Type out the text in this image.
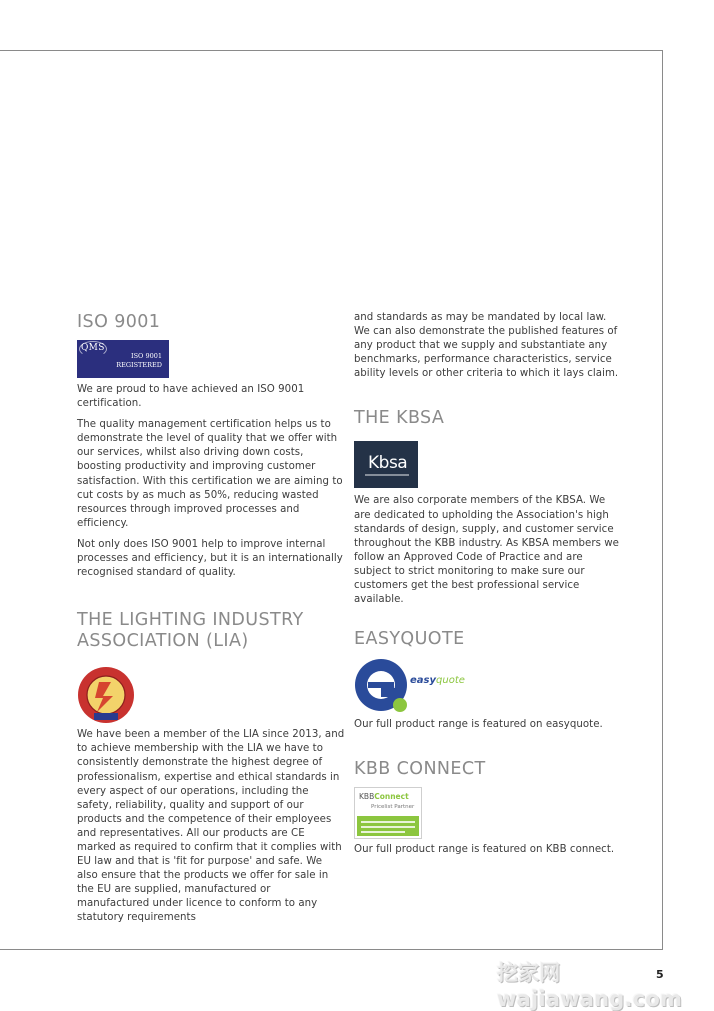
ISO 9001
QMS
ISO 9001
REGISTERED

We are proud to have achieved an ISO 9001 certification.

The quality management certification helps us to demonstrate the level of quality that we offer with our services, whilst also driving down costs, boosting productivity and improving customer satisfaction. With this certification we are aiming to cut costs by as much as 50%, reducing wasted resources through improved processes and efficiency.

Not only does ISO 9001 help to improve internal processes and efficiency, but it is an internationally recognised standard of quality.

THE LIGHTING INDUSTRY
ASSOCIATION (LIA)

We have been a member of the LIA since 2013, and to achieve membership with the LIA we have to consistently demonstrate the highest degree of professionalism, expertise and ethical standards in every aspect of our operations, including the safety, reliability, quality and support of our products and the competence of their employees and representatives. All our products are CE marked as required to confirm that it complies with EU law and that is 'fit for purpose' and safe. We also ensure that the products we offer for sale in the EU are supplied, manufactured or manufactured under licence to conform to any statutory requirements

and standards as may be mandated by local law. We can also demonstrate the published features of any product that we supply and substantiate any benchmarks, performance characteristics, service ability levels or other criteria to which it lays claim.

THE KBSA
Kbsa

We are also corporate members of the KBSA. We are dedicated to upholding the Association's high standards of design, supply, and customer service throughout the KBB industry. As KBSA members we follow an Approved Code of Practice and are subject to strict monitoring to make sure our customers get the best professional service available.

EASYQUOTE
easyquote

Our full product range is featured on easyquote.

KBB CONNECT
KBBConnect
Pricelist Partner

Our full product range is featured on KBB connect.

挖家网 wajiawang.com
5
